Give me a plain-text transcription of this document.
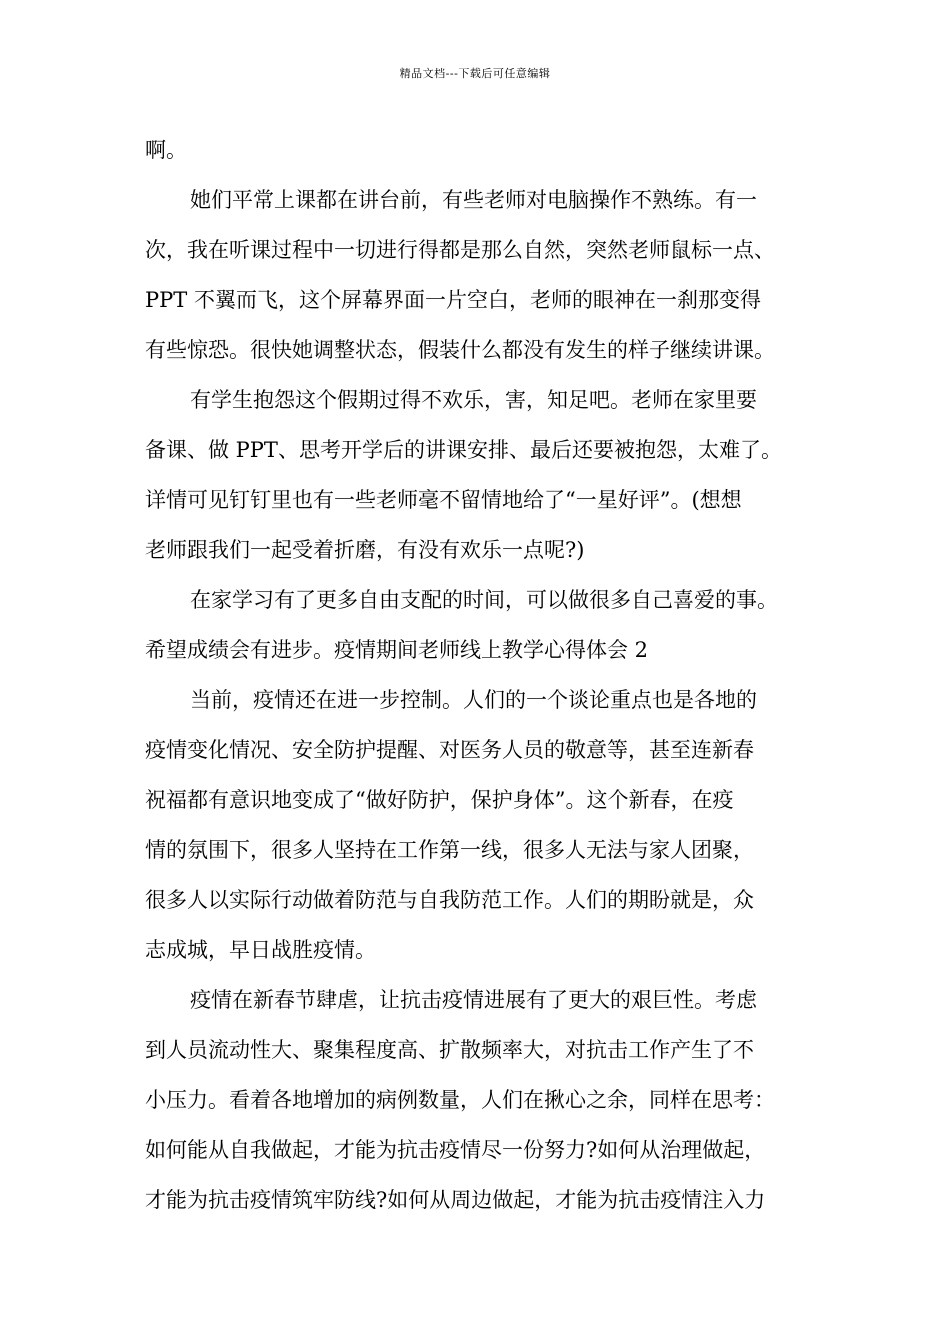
精品文档---下载后可任意编辑
啊。
她们平常上课都在讲台前，有些老师对电脑操作不熟练。有一
次，我在听课过程中一切进行得都是那么自然，突然老师鼠标一点、
PPT 不翼而飞，这个屏幕界面一片空白，老师的眼神在一刹那变得
有些惊恐。很快她调整状态，假装什么都没有发生的样子继续讲课。
有学生抱怨这个假期过得不欢乐，害，知足吧。老师在家里要
备课、做 PPT、思考开学后的讲课安排、最后还要被抱怨，太难了。
详情可见钉钉里也有一些老师毫不留情地给了“一星好评”。(想想
老师跟我们一起受着折磨，有没有欢乐一点呢?)
在家学习有了更多自由支配的时间，可以做很多自己喜爱的事。
希望成绩会有进步。疫情期间老师线上教学心得体会 2
当前，疫情还在进一步控制。人们的一个谈论重点也是各地的
疫情变化情况、安全防护提醒、对医务人员的敬意等，甚至连新春
祝福都有意识地变成了“做好防护，保护身体”。这个新春，在疫
情的氛围下，很多人坚持在工作第一线，很多人无法与家人团聚，
很多人以实际行动做着防范与自我防范工作。人们的期盼就是，众
志成城，早日战胜疫情。
疫情在新春节肆虐，让抗击疫情进展有了更大的艰巨性。考虑
到人员流动性大、聚集程度高、扩散频率大，对抗击工作产生了不
小压力。看着各地增加的病例数量，人们在揪心之余，同样在思考：
如何能从自我做起，才能为抗击疫情尽一份努力?如何从治理做起，
才能为抗击疫情筑牢防线?如何从周边做起，才能为抗击疫情注入力
